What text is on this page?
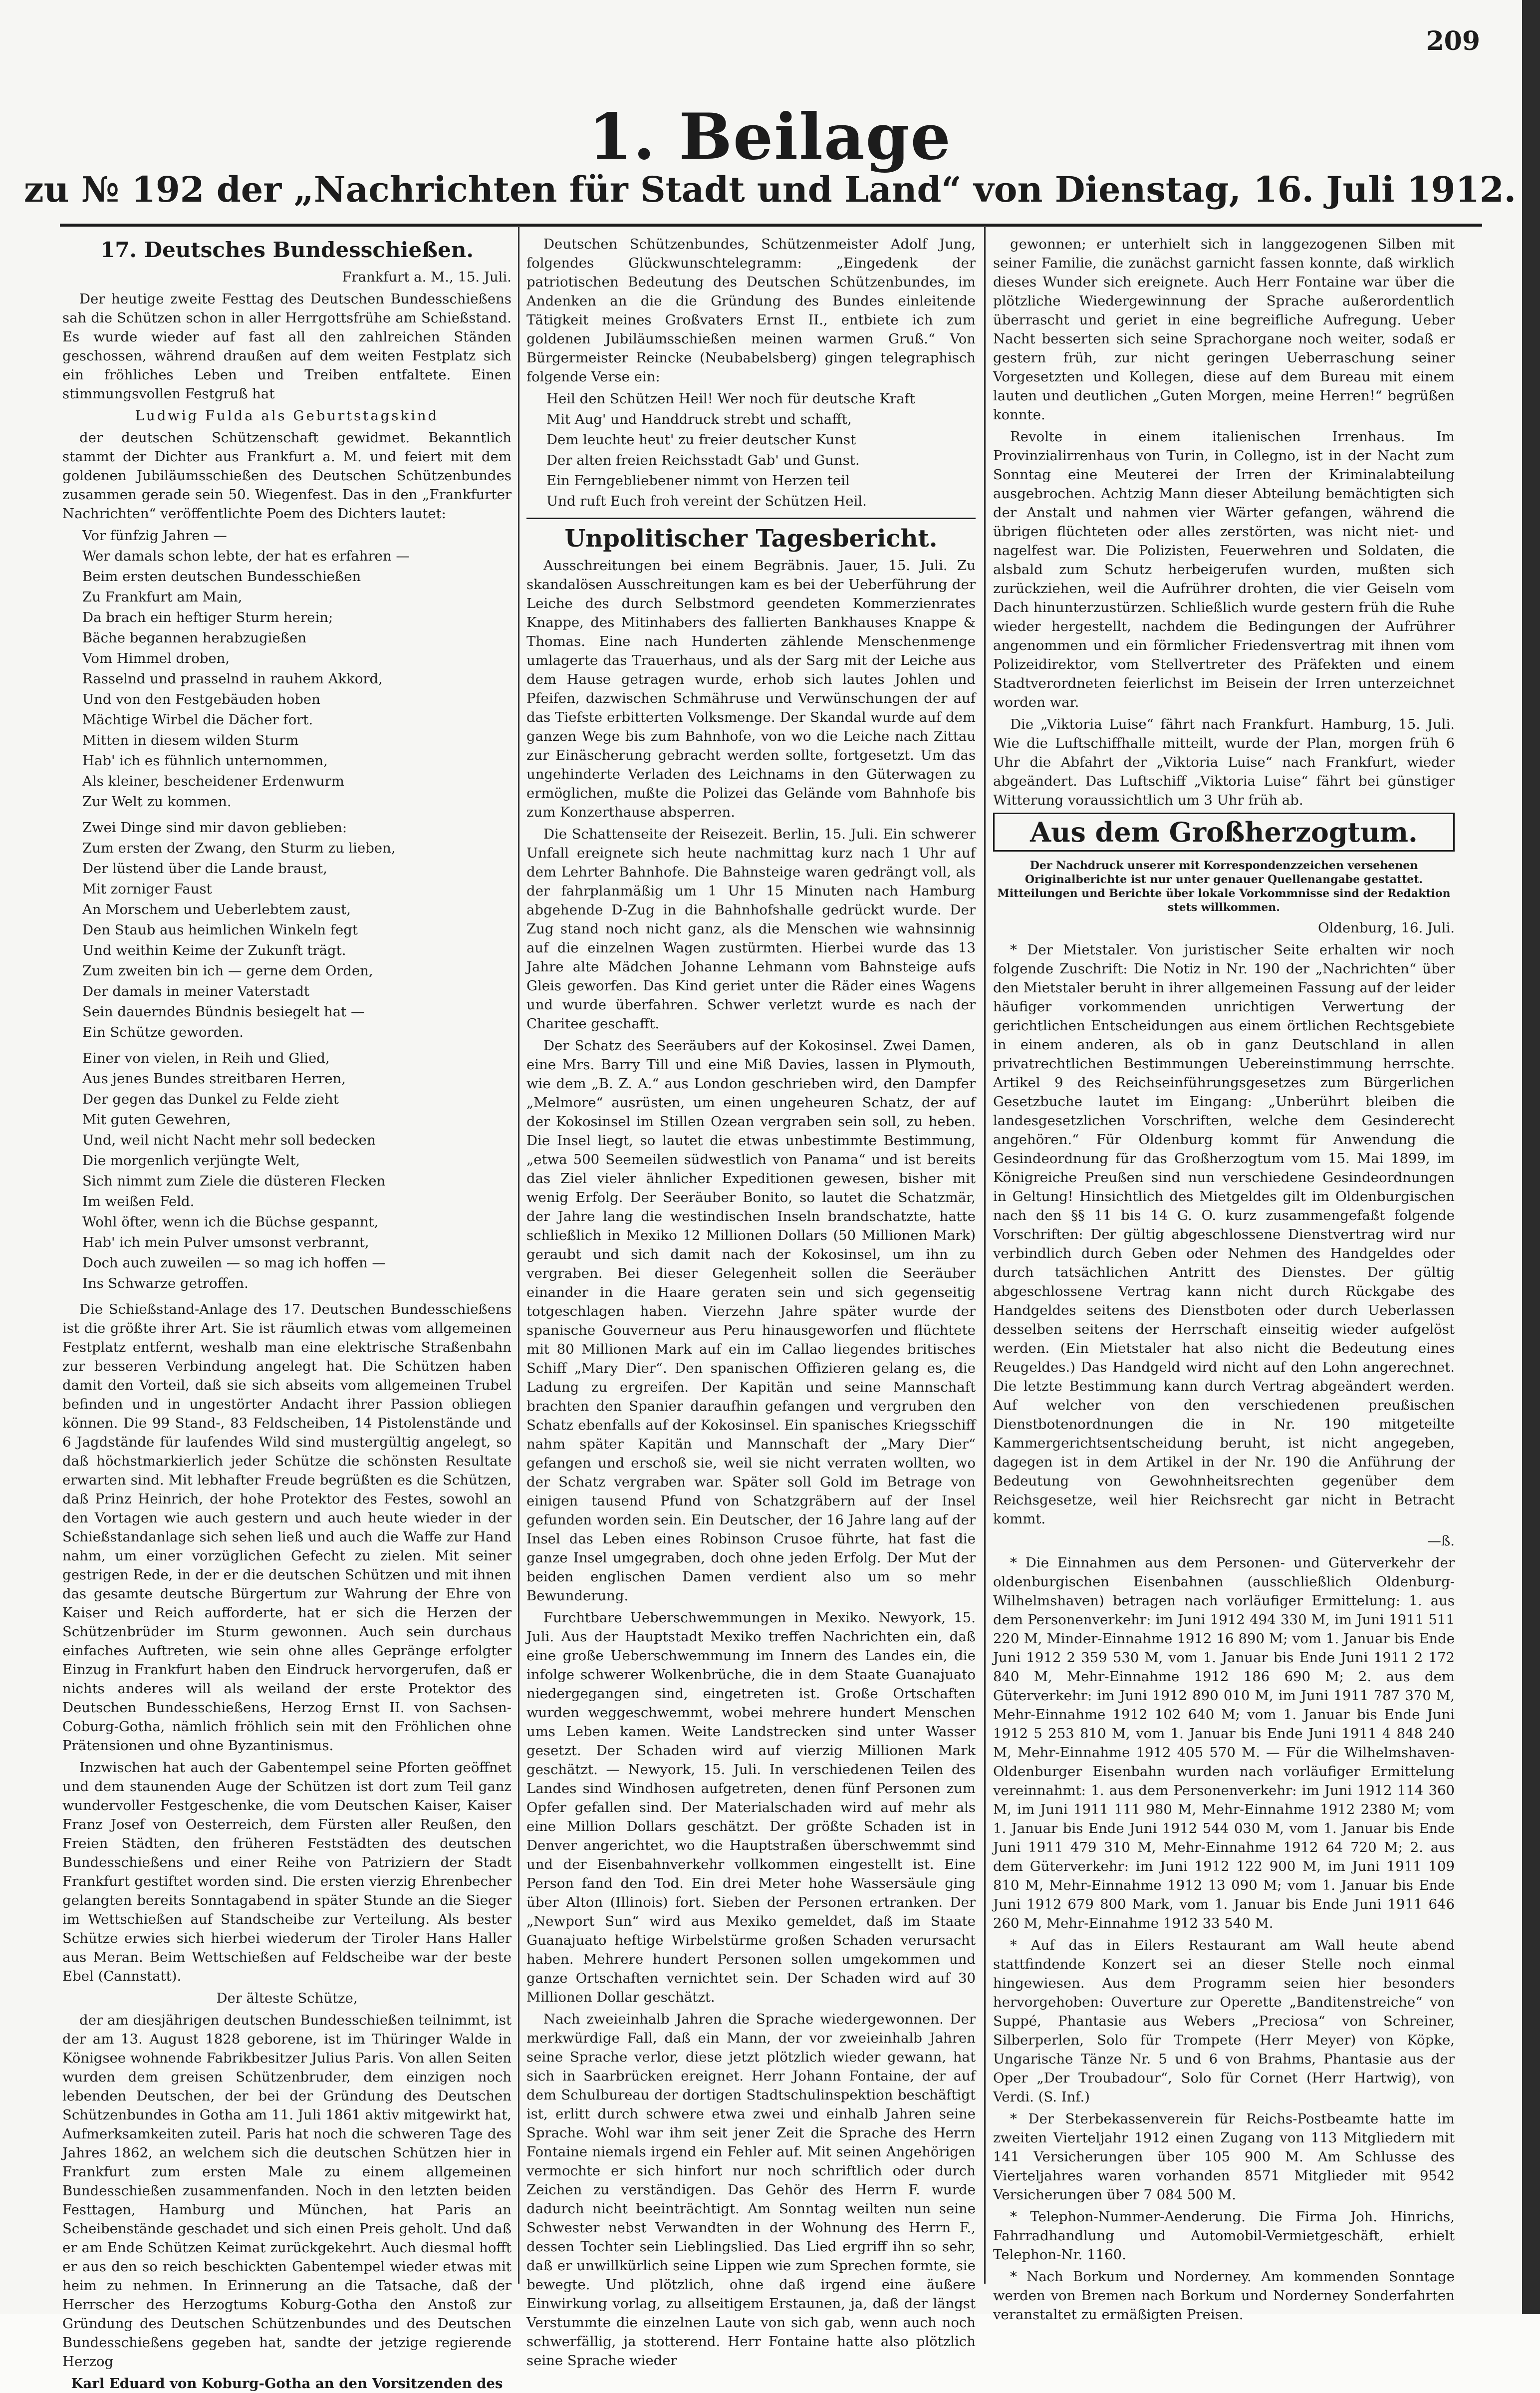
209
1. Beilage
zu № 192 der „Nachrichten für Stadt und Land“ von Dienstag, 16. Juli 1912.

17. Deutsches Bundesschießen.

Frankfurt a. M., 15. Juli.

Der heutige zweite Festtag des Deutschen Bundesschießens sah die Schützen schon in aller Herrgottsfrühe am Schießstand. Es wurde wieder auf fast all den zahlreichen Ständen geschossen, während draußen auf dem weiten Festplatz sich ein fröhliches Leben und Treiben entfaltete. Einen stimmungsvollen Festgruß hat

Ludwig Fulda als Geburtstagskind

der deutschen Schützenschaft gewidmet. Bekanntlich stammt der Dichter aus Frankfurt a. M. und feiert mit dem goldenen Jubiläumsschießen des Deutschen Schützenbundes zusammen gerade sein 50. Wiegenfest. Das in den „Frankfurter Nachrichten“ veröffentlichte Poem des Dichters lautet:

Vor fünfzig Jahren —

Wer damals schon lebte, der hat es erfahren —

Beim ersten deutschen Bundesschießen

Zu Frankfurt am Main,

Da brach ein heftiger Sturm herein;

Bäche begannen herabzugießen

Vom Himmel droben,

Rasselnd und prasselnd in rauhem Akkord,

Und von den Festgebäuden hoben

Mächtige Wirbel die Dächer fort.

Mitten in diesem wilden Sturm

Hab' ich es fühnlich unternommen,

Als kleiner, bescheidener Erdenwurm

Zur Welt zu kommen.

Zwei Dinge sind mir davon geblieben:

Zum ersten der Zwang, den Sturm zu lieben,

Der lüstend über die Lande braust,

Mit zorniger Faust

An Morschem und Ueberlebtem zaust,

Den Staub aus heimlichen Winkeln fegt

Und weithin Keime der Zukunft trägt.

Zum zweiten bin ich — gerne dem Orden,

Der damals in meiner Vaterstadt

Sein dauerndes Bündnis besiegelt hat —

Ein Schütze geworden.

Einer von vielen, in Reih und Glied,

Aus jenes Bundes streitbaren Herren,

Der gegen das Dunkel zu Felde zieht

Mit guten Gewehren,

Und, weil nicht Nacht mehr soll bedecken

Die morgenlich verjüngte Welt,

Sich nimmt zum Ziele die düsteren Flecken

Im weißen Feld.

Wohl öfter, wenn ich die Büchse gespannt,

Hab' ich mein Pulver umsonst verbrannt,

Doch auch zuweilen — so mag ich hoffen —

Ins Schwarze getroffen.

Die Schießstand-Anlage des 17. Deutschen Bundesschießens ist die größte ihrer Art. Sie ist räumlich etwas vom allgemeinen Festplatz entfernt, weshalb man eine elektrische Straßenbahn zur besseren Verbindung angelegt hat. Die Schützen haben damit den Vorteil, daß sie sich abseits vom allgemeinen Trubel befinden und in ungestörter Andacht ihrer Passion obliegen können. Die 99 Stand-, 83 Feldscheiben, 14 Pistolenstände und 6 Jagdstände für laufendes Wild sind mustergültig angelegt, so daß höchstmarkierlich jeder Schütze die schönsten Resultate erwarten sind. Mit lebhafter Freude begrüßten es die Schützen, daß Prinz Heinrich, der hohe Protektor des Festes, sowohl an den Vortagen wie auch gestern und auch heute wieder in der Schießstandanlage sich sehen ließ und auch die Waffe zur Hand nahm, um einer vorzüglichen Gefecht zu zielen. Mit seiner gestrigen Rede, in der er die deutschen Schützen und mit ihnen das gesamte deutsche Bürgertum zur Wahrung der Ehre von Kaiser und Reich aufforderte, hat er sich die Herzen der Schützenbrüder im Sturm gewonnen. Auch sein durchaus einfaches Auftreten, wie sein ohne alles Gepränge erfolgter Einzug in Frankfurt haben den Eindruck hervorgerufen, daß er nichts anderes will als weiland der erste Protektor des Deutschen Bundesschießens, Herzog Ernst II. von Sachsen-Coburg-Gotha, nämlich fröhlich sein mit den Fröhlichen ohne Prätensionen und ohne Byzantinismus.

Inzwischen hat auch der Gabentempel seine Pforten geöffnet und dem staunenden Auge der Schützen ist dort zum Teil ganz wundervoller Festgeschenke, die vom Deutschen Kaiser, Kaiser Franz Josef von Oesterreich, dem Fürsten aller Reußen, den Freien Städten, den früheren Feststädten des deutschen Bundesschießens und einer Reihe von Patriziern der Stadt Frankfurt gestiftet worden sind. Die ersten vierzig Ehrenbecher gelangten bereits Sonntagabend in später Stunde an die Sieger im Wettschießen auf Standscheibe zur Verteilung. Als bester Schütze erwies sich hierbei wiederum der Tiroler Hans Haller aus Meran. Beim Wettschießen auf Feldscheibe war der beste Ebel (Cannstatt).

Der älteste Schütze,

der am diesjährigen deutschen Bundesschießen teilnimmt, ist der am 13. August 1828 geborene, ist im Thüringer Walde in Königsee wohnende Fabrikbesitzer Julius Paris. Von allen Seiten wurden dem greisen Schützenbruder, dem einzigen noch lebenden Deutschen, der bei der Gründung des Deutschen Schützenbundes in Gotha am 11. Juli 1861 aktiv mitgewirkt hat, Aufmerksamkeiten zuteil. Paris hat noch die schweren Tage des Jahres 1862, an welchem sich die deutschen Schützen hier in Frankfurt zum ersten Male zu einem allgemeinen Bundesschießen zusammenfanden. Noch in den letzten beiden Festtagen, Hamburg und München, hat Paris an Scheibenstände geschadet und sich einen Preis geholt. Und daß er am Ende Schützen Keimat zurückgekehrt. Auch diesmal hofft er aus den so reich beschickten Gabentempel wieder etwas mit heim zu nehmen. In Erinnerung an die Tatsache, daß der Herrscher des Herzogtums Koburg-Gotha den Anstoß zur Gründung des Deutschen Schützenbundes und des Deutschen Bundesschießens gegeben hat, sandte der jetzige regierende Herzog

Karl Eduard von Koburg-Gotha an den Vorsitzenden des

Deutschen Schützenbundes, Schützenmeister Adolf Jung, folgendes Glückwunschtelegramm: „Eingedenk der patriotischen Bedeutung des Deutschen Schützenbundes, im Andenken an die die Gründung des Bundes einleitende Tätigkeit meines Großvaters Ernst II., entbiete ich zum goldenen Jubiläumsschießen meinen warmen Gruß.“ Von Bürgermeister Reincke (Neubabelsberg) gingen telegraphisch folgende Verse ein:

Heil den Schützen Heil! Wer noch für deutsche Kraft

Mit Aug' und Handdruck strebt und schafft,

Dem leuchte heut' zu freier deutscher Kunst

Der alten freien Reichsstadt Gab' und Gunst.

Ein Ferngebliebener nimmt von Herzen teil

Und ruft Euch froh vereint der Schützen Heil.

Unpolitischer Tagesbericht.

Ausschreitungen bei einem Begräbnis. Jauer, 15. Juli. Zu skandalösen Ausschreitungen kam es bei der Ueberführung der Leiche des durch Selbstmord geendeten Kommerzienrates Knappe, des Mitinhabers des fallierten Bankhauses Knappe & Thomas. Eine nach Hunderten zählende Menschenmenge umlagerte das Trauerhaus, und als der Sarg mit der Leiche aus dem Hause getragen wurde, erhob sich lautes Johlen und Pfeifen, dazwischen Schmähruse und Verwünschungen der auf das Tiefste erbitterten Volksmenge. Der Skandal wurde auf dem ganzen Wege bis zum Bahnhofe, von wo die Leiche nach Zittau zur Einäscherung gebracht werden sollte, fortgesetzt. Um das ungehinderte Verladen des Leichnams in den Güterwagen zu ermöglichen, mußte die Polizei das Gelände vom Bahnhofe bis zum Konzerthause absperren.

Die Schattenseite der Reisezeit. Berlin, 15. Juli. Ein schwerer Unfall ereignete sich heute nachmittag kurz nach 1 Uhr auf dem Lehrter Bahnhofe. Die Bahnsteige waren gedrängt voll, als der fahrplanmäßig um 1 Uhr 15 Minuten nach Hamburg abgehende D-Zug in die Bahnhofshalle gedrückt wurde. Der Zug stand noch nicht ganz, als die Menschen wie wahnsinnig auf die einzelnen Wagen zustürmten. Hierbei wurde das 13 Jahre alte Mädchen Johanne Lehmann vom Bahnsteige aufs Gleis geworfen. Das Kind geriet unter die Räder eines Wagens und wurde überfahren. Schwer verletzt wurde es nach der Charitee geschafft.

Der Schatz des Seeräubers auf der Kokosinsel. Zwei Damen, eine Mrs. Barry Till und eine Miß Davies, lassen in Plymouth, wie dem „B. Z. A.“ aus London geschrieben wird, den Dampfer „Melmore“ ausrüsten, um einen ungeheuren Schatz, der auf der Kokosinsel im Stillen Ozean vergraben sein soll, zu heben. Die Insel liegt, so lautet die etwas unbestimmte Bestimmung, „etwa 500 Seemeilen südwestlich von Panama“ und ist bereits das Ziel vieler ähnlicher Expeditionen gewesen, bisher mit wenig Erfolg. Der Seeräuber Bonito, so lautet die Schatzmär, der Jahre lang die westindischen Inseln brandschatzte, hatte schließlich in Mexiko 12 Millionen Dollars (50 Millionen Mark) geraubt und sich damit nach der Kokosinsel, um ihn zu vergraben. Bei dieser Gelegenheit sollen die Seeräuber einander in die Haare geraten sein und sich gegenseitig totgeschlagen haben. Vierzehn Jahre später wurde der spanische Gouverneur aus Peru hinausgeworfen und flüchtete mit 80 Millionen Mark auf ein im Callao liegendes britisches Schiff „Mary Dier“. Den spanischen Offizieren gelang es, die Ladung zu ergreifen. Der Kapitän und seine Mannschaft brachten den Spanier daraufhin gefangen und vergruben den Schatz ebenfalls auf der Kokosinsel. Ein spanisches Kriegsschiff nahm später Kapitän und Mannschaft der „Mary Dier“ gefangen und erschoß sie, weil sie nicht verraten wollten, wo der Schatz vergraben war. Später soll Gold im Betrage von einigen tausend Pfund von Schatzgräbern auf der Insel gefunden worden sein. Ein Deutscher, der 16 Jahre lang auf der Insel das Leben eines Robinson Crusoe führte, hat fast die ganze Insel umgegraben, doch ohne jeden Erfolg. Der Mut der beiden englischen Damen verdient also um so mehr Bewunderung.

Furchtbare Ueberschwemmungen in Mexiko. Newyork, 15. Juli. Aus der Hauptstadt Mexiko treffen Nachrichten ein, daß eine große Ueberschwemmung im Innern des Landes ein, die infolge schwerer Wolkenbrüche, die in dem Staate Guanajuato niedergegangen sind, eingetreten ist. Große Ortschaften wurden weggeschwemmt, wobei mehrere hundert Menschen ums Leben kamen. Weite Landstrecken sind unter Wasser gesetzt. Der Schaden wird auf vierzig Millionen Mark geschätzt. — Newyork, 15. Juli. In verschiedenen Teilen des Landes sind Windhosen aufgetreten, denen fünf Personen zum Opfer gefallen sind. Der Materialschaden wird auf mehr als eine Million Dollars geschätzt. Der größte Schaden ist in Denver angerichtet, wo die Hauptstraßen überschwemmt sind und der Eisenbahnverkehr vollkommen eingestellt ist. Eine Person fand den Tod. Ein drei Meter hohe Wassersäule ging über Alton (Illinois) fort. Sieben der Personen ertranken. Der „Newport Sun“ wird aus Mexiko gemeldet, daß im Staate Guanajuato heftige Wirbelstürme großen Schaden verursacht haben. Mehrere hundert Personen sollen umgekommen und ganze Ortschaften vernichtet sein. Der Schaden wird auf 30 Millionen Dollar geschätzt.

Nach zweieinhalb Jahren die Sprache wiedergewonnen. Der merkwürdige Fall, daß ein Mann, der vor zweieinhalb Jahren seine Sprache verlor, diese jetzt plötzlich wieder gewann, hat sich in Saarbrücken ereignet. Herr Johann Fontaine, der auf dem Schulbureau der dortigen Stadtschulinspektion beschäftigt ist, erlitt durch schwere etwa zwei und einhalb Jahren seine Sprache. Wohl war ihm seit jener Zeit die Sprache des Herrn Fontaine niemals irgend ein Fehler auf. Mit seinen Angehörigen vermochte er sich hinfort nur noch schriftlich oder durch Zeichen zu verständigen. Das Gehör des Herrn F. wurde dadurch nicht beeinträchtigt. Am Sonntag weilten nun seine Schwester nebst Verwandten in der Wohnung des Herrn F., dessen Tochter sein Lieblingslied. Das Lied ergriff ihn so sehr, daß er unwillkürlich seine Lippen wie zum Sprechen formte, sie bewegte. Und plötzlich, ohne daß irgend eine äußere Einwirkung vorlag, zu allseitigem Erstaunen, ja, daß der längst Verstummte die einzelnen Laute von sich gab, wenn auch noch schwerfällig, ja stotterend. Herr Fontaine hatte also plötzlich seine Sprache wieder

gewonnen; er unterhielt sich in langgezogenen Silben mit seiner Familie, die zunächst garnicht fassen konnte, daß wirklich dieses Wunder sich ereignete. Auch Herr Fontaine war über die plötzliche Wiedergewinnung der Sprache außerordentlich überrascht und geriet in eine begreifliche Aufregung. Ueber Nacht besserten sich seine Sprachorgane noch weiter, sodaß er gestern früh, zur nicht geringen Ueberraschung seiner Vorgesetzten und Kollegen, diese auf dem Bureau mit einem lauten und deutlichen „Guten Morgen, meine Herren!“ begrüßen konnte.

Revolte in einem italienischen Irrenhaus. Im Provinzialirrenhaus von Turin, in Collegno, ist in der Nacht zum Sonntag eine Meuterei der Irren der Kriminalabteilung ausgebrochen. Achtzig Mann dieser Abteilung bemächtigten sich der Anstalt und nahmen vier Wärter gefangen, während die übrigen flüchteten oder alles zerstörten, was nicht niet- und nagelfest war. Die Polizisten, Feuerwehren und Soldaten, die alsbald zum Schutz herbeigerufen wurden, mußten sich zurückziehen, weil die Aufrührer drohten, die vier Geiseln vom Dach hinunterzustürzen. Schließlich wurde gestern früh die Ruhe wieder hergestellt, nachdem die Bedingungen der Aufrührer angenommen und ein förmlicher Friedensvertrag mit ihnen vom Polizeidirektor, vom Stellvertreter des Präfekten und einem Stadtverordneten feierlichst im Beisein der Irren unterzeichnet worden war.

Die „Viktoria Luise“ fährt nach Frankfurt. Hamburg, 15. Juli. Wie die Luftschiffhalle mitteilt, wurde der Plan, morgen früh 6 Uhr die Abfahrt der „Viktoria Luise“ nach Frankfurt, wieder abgeändert. Das Luftschiff „Viktoria Luise“ fährt bei günstiger Witterung voraussichtlich um 3 Uhr früh ab.

Aus dem Großherzogtum.

Der Nachdruck unserer mit Korrespondenzzeichen versehenen Originalberichte ist nur unter genauer Quellenangabe gestattet. Mitteilungen und Berichte über lokale Vorkommnisse sind der Redaktion stets willkommen.

Oldenburg, 16. Juli.

* Der Mietstaler. Von juristischer Seite erhalten wir noch folgende Zuschrift: Die Notiz in Nr. 190 der „Nachrichten“ über den Mietstaler beruht in ihrer allgemeinen Fassung auf der leider häufiger vorkommenden unrichtigen Verwertung der gerichtlichen Entscheidungen aus einem örtlichen Rechtsgebiete in einem anderen, als ob in ganz Deutschland in allen privatrechtlichen Bestimmungen Uebereinstimmung herrschte. Artikel 9 des Reichseinführungsgesetzes zum Bürgerlichen Gesetzbuche lautet im Eingang: „Unberührt bleiben die landesgesetzlichen Vorschriften, welche dem Gesinderecht angehören.“ Für Oldenburg kommt für Anwendung die Gesindeordnung für das Großherzogtum vom 15. Mai 1899, im Königreiche Preußen sind nun verschiedene Gesindeordnungen in Geltung! Hinsichtlich des Mietgeldes gilt im Oldenburgischen nach den §§ 11 bis 14 G. O. kurz zusammengefaßt folgende Vorschriften: Der gültig abgeschlossene Dienstvertrag wird nur verbindlich durch Geben oder Nehmen des Handgeldes oder durch tatsächlichen Antritt des Dienstes. Der gültig abgeschlossene Vertrag kann nicht durch Rückgabe des Handgeldes seitens des Dienstboten oder durch Ueberlassen desselben seitens der Herrschaft einseitig wieder aufgelöst werden. (Ein Mietstaler hat also nicht die Bedeutung eines Reugeldes.) Das Handgeld wird nicht auf den Lohn angerechnet. Die letzte Bestimmung kann durch Vertrag abgeändert werden. Auf welcher von den verschiedenen preußischen Dienstbotenordnungen die in Nr. 190 mitgeteilte Kammergerichtsentscheidung beruht, ist nicht angegeben, dagegen ist in dem Artikel in der Nr. 190 die Anführung der Bedeutung von Gewohnheitsrechten gegenüber dem Reichsgesetze, weil hier Reichsrecht gar nicht in Betracht kommt.

—ß.

* Die Einnahmen aus dem Personen- und Güterverkehr der oldenburgischen Eisenbahnen (ausschließlich Oldenburg-Wilhelmshaven) betragen nach vorläufiger Ermittelung: 1. aus dem Personenverkehr: im Juni 1912 494 330 M, im Juni 1911 511 220 M, Minder-Einnahme 1912 16 890 M; vom 1. Januar bis Ende Juni 1912 2 359 530 M, vom 1. Januar bis Ende Juni 1911 2 172 840 M, Mehr-Einnahme 1912 186 690 M; 2. aus dem Güterverkehr: im Juni 1912 890 010 M, im Juni 1911 787 370 M, Mehr-Einnahme 1912 102 640 M; vom 1. Januar bis Ende Juni 1912 5 253 810 M, vom 1. Januar bis Ende Juni 1911 4 848 240 M, Mehr-Einnahme 1912 405 570 M. — Für die Wilhelmshaven-Oldenburger Eisenbahn wurden nach vorläufiger Ermittelung vereinnahmt: 1. aus dem Personenverkehr: im Juni 1912 114 360 M, im Juni 1911 111 980 M, Mehr-Einnahme 1912 2380 M; vom 1. Januar bis Ende Juni 1912 544 030 M, vom 1. Januar bis Ende Juni 1911 479 310 M, Mehr-Einnahme 1912 64 720 M; 2. aus dem Güterverkehr: im Juni 1912 122 900 M, im Juni 1911 109 810 M, Mehr-Einnahme 1912 13 090 M; vom 1. Januar bis Ende Juni 1912 679 800 Mark, vom 1. Januar bis Ende Juni 1911 646 260 M, Mehr-Einnahme 1912 33 540 M.

* Auf das in Eilers Restaurant am Wall heute abend stattfindende Konzert sei an dieser Stelle noch einmal hingewiesen. Aus dem Programm seien hier besonders hervorgehoben: Ouverture zur Operette „Banditenstreiche“ von Suppé, Phantasie aus Webers „Preciosa“ von Schreiner, Silberperlen, Solo für Trompete (Herr Meyer) von Köpke, Ungarische Tänze Nr. 5 und 6 von Brahms, Phantasie aus der Oper „Der Troubadour“, Solo für Cornet (Herr Hartwig), von Verdi. (S. Inf.)

* Der Sterbekassenverein für Reichs-Postbeamte hatte im zweiten Vierteljahr 1912 einen Zugang von 113 Mitgliedern mit 141 Versicherungen über 105 900 M. Am Schlusse des Vierteljahres waren vorhanden 8571 Mitglieder mit 9542 Versicherungen über 7 084 500 M.

* Telephon-Nummer-Aenderung. Die Firma Joh. Hinrichs, Fahrradhandlung und Automobil-Vermietgeschäft, erhielt Telephon-Nr. 1160.

* Nach Borkum und Norderney. Am kommenden Sonntage werden von Bremen nach Borkum und Norderney Sonderfahrten veranstaltet zu ermäßigten Preisen.
